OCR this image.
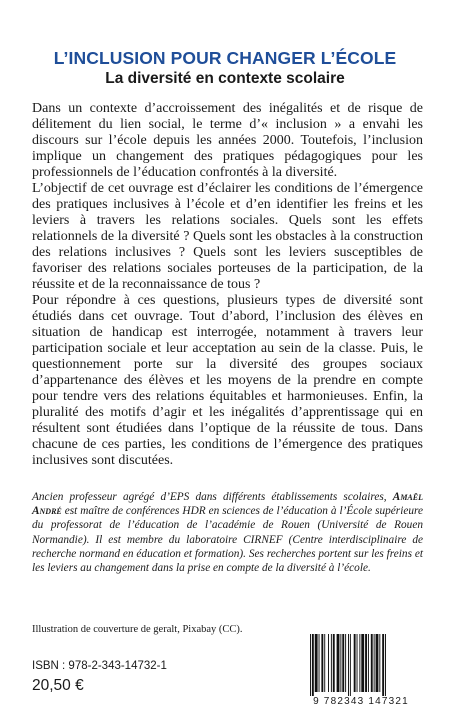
L’INCLUSION POUR CHANGER L’ÉCOLE
La diversité en contexte scolaire

Dans un contexte d’accroissement des inégalités et de risque de délitement du lien social, le terme d’« inclusion » a envahi les discours sur l’école depuis les années 2000. Toutefois, l’inclusion implique un changement des pratiques pédagogiques pour les professionnels de l’éducation confrontés à la diversité.

L’objectif de cet ouvrage est d’éclairer les conditions de l’émergence des pratiques inclusives à l’école et d’en identifier les freins et les leviers à travers les relations sociales. Quels sont les effets relationnels de la diversité ? Quels sont les obstacles à la construction des relations inclusives ? Quels sont les leviers susceptibles de favoriser des relations sociales porteuses de la participation, de la réussite et de la reconnaissance de tous ?

Pour répondre à ces questions, plusieurs types de diversité sont étudiés dans cet ouvrage. Tout d’abord, l’inclusion des élèves en situation de handicap est interrogée, notamment à travers leur participation sociale et leur acceptation au sein de la classe. Puis, le questionnement porte sur la diversité des groupes sociaux d’appartenance des élèves et les moyens de la prendre en compte pour tendre vers des relations équitables et harmonieuses. Enfin, la pluralité des motifs d’agir et les inégalités d’apprentissage qui en résultent sont étudiées dans l’optique de la réussite de tous. Dans chacune de ces parties, les conditions de l’émergence des pratiques inclusives sont discutées.

Ancien professeur agrégé d’EPS dans différents établissements scolaires, Amaël André est maître de conférences HDR en sciences de l’éducation à l’École supérieure du professorat de l’éducation de l’académie de Rouen (Université de Rouen Normandie). Il est membre du laboratoire CIRNEF (Centre interdisciplinaire de recherche normand en éducation et formation). Ses recherches portent sur les freins et les leviers au changement dans la prise en compte de la diversité à l’école.

Illustration de couverture de geralt, Pixabay (CC).

ISBN : 978-2-343-14732-1

20,50 €

9 782343 147321
